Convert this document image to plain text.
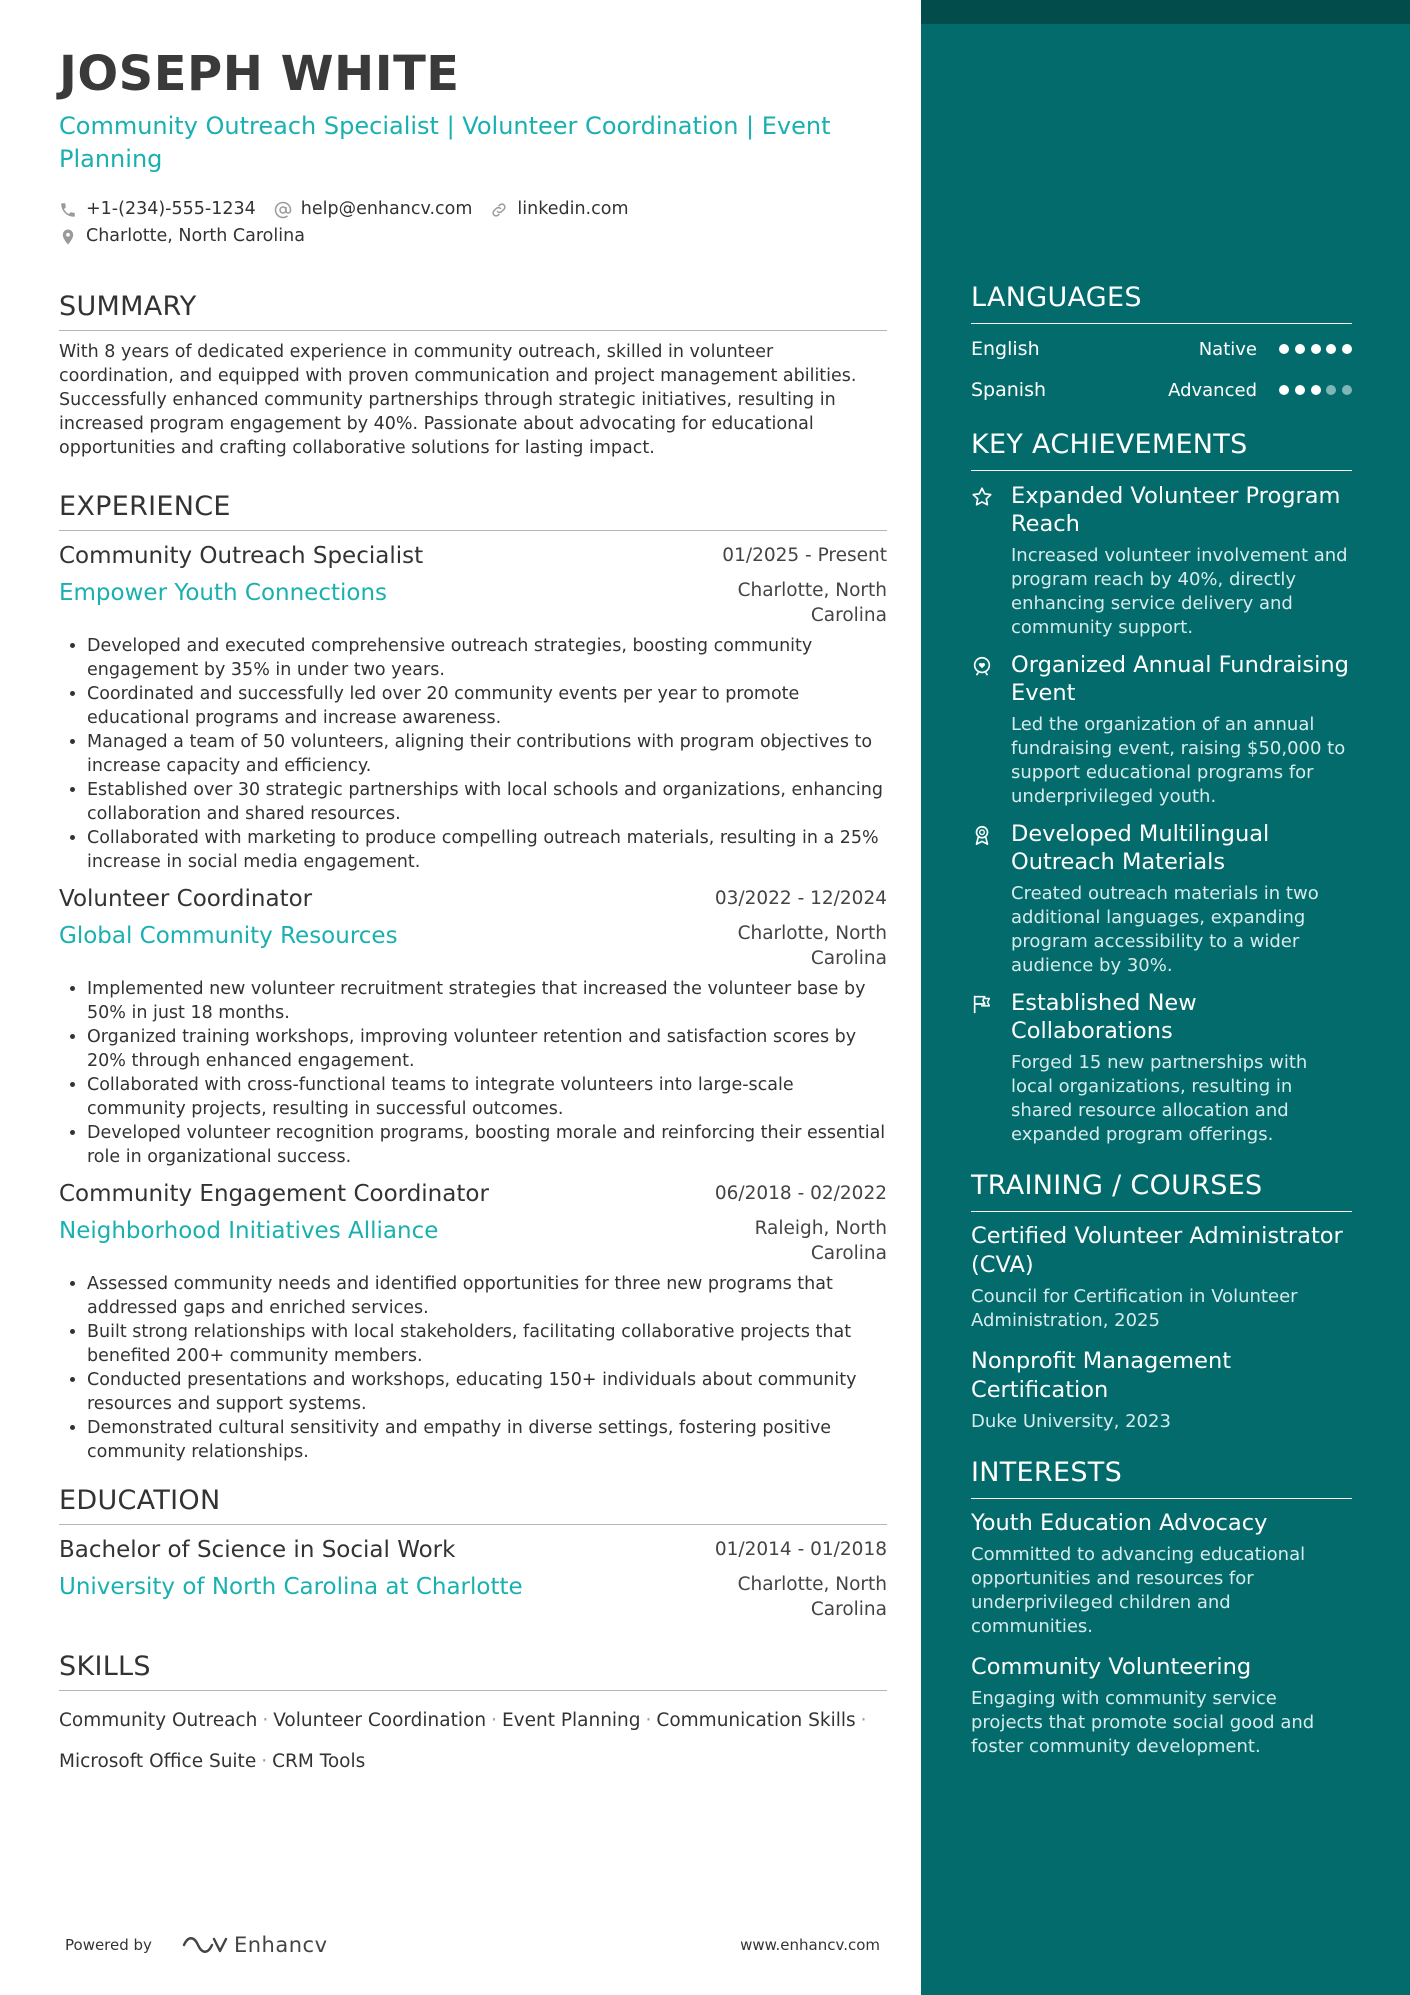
JOSEPH WHITE
Community Outreach Specialist | Volunteer Coordination | Event Planning
+1-(234)-555-1234	help@enhancv.com	linkedin.com
Charlotte, North Carolina
SUMMARY
With 8 years of dedicated experience in community outreach, skilled in volunteer coordination, and equipped with proven communication and project management abilities. Successfully enhanced community partnerships through strategic initiatives, resulting in increased program engagement by 40%. Passionate about advocating for educational opportunities and crafting collaborative solutions for lasting impact.
EXPERIENCE
Community Outreach Specialist	01/2025 - Present
Empower Youth Connections	Charlotte, North Carolina
• Developed and executed comprehensive outreach strategies, boosting community engagement by 35% in under two years.
• Coordinated and successfully led over 20 community events per year to promote educational programs and increase awareness.
• Managed a team of 50 volunteers, aligning their contributions with program objectives to increase capacity and efficiency.
• Established over 30 strategic partnerships with local schools and organizations, enhancing collaboration and shared resources.
• Collaborated with marketing to produce compelling outreach materials, resulting in a 25% increase in social media engagement.
Volunteer Coordinator	03/2022 - 12/2024
Global Community Resources	Charlotte, North Carolina
• Implemented new volunteer recruitment strategies that increased the volunteer base by 50% in just 18 months.
• Organized training workshops, improving volunteer retention and satisfaction scores by 20% through enhanced engagement.
• Collaborated with cross-functional teams to integrate volunteers into large-scale community projects, resulting in successful outcomes.
• Developed volunteer recognition programs, boosting morale and reinforcing their essential role in organizational success.
Community Engagement Coordinator	06/2018 - 02/2022
Neighborhood Initiatives Alliance	Raleigh, North Carolina
• Assessed community needs and identified opportunities for three new programs that addressed gaps and enriched services.
• Built strong relationships with local stakeholders, facilitating collaborative projects that benefited 200+ community members.
• Conducted presentations and workshops, educating 150+ individuals about community resources and support systems.
• Demonstrated cultural sensitivity and empathy in diverse settings, fostering positive community relationships.
EDUCATION
Bachelor of Science in Social Work	01/2014 - 01/2018
University of North Carolina at Charlotte	Charlotte, North Carolina
SKILLS
Community Outreach · Volunteer Coordination · Event Planning · Communication Skills ·
Microsoft Office Suite · CRM Tools
Powered by	Enhancv	www.enhancv.com
LANGUAGES
English	Native
Spanish	Advanced
KEY ACHIEVEMENTS
Expanded Volunteer Program Reach
Increased volunteer involvement and program reach by 40%, directly enhancing service delivery and community support.
Organized Annual Fundraising Event
Led the organization of an annual fundraising event, raising $50,000 to support educational programs for underprivileged youth.
Developed Multilingual Outreach Materials
Created outreach materials in two additional languages, expanding program accessibility to a wider audience by 30%.
Established New Collaborations
Forged 15 new partnerships with local organizations, resulting in shared resource allocation and expanded program offerings.
TRAINING / COURSES
Certified Volunteer Administrator (CVA)
Council for Certification in Volunteer Administration, 2025
Nonprofit Management Certification
Duke University, 2023
INTERESTS
Youth Education Advocacy
Committed to advancing educational opportunities and resources for underprivileged children and communities.
Community Volunteering
Engaging with community service projects that promote social good and foster community development.
